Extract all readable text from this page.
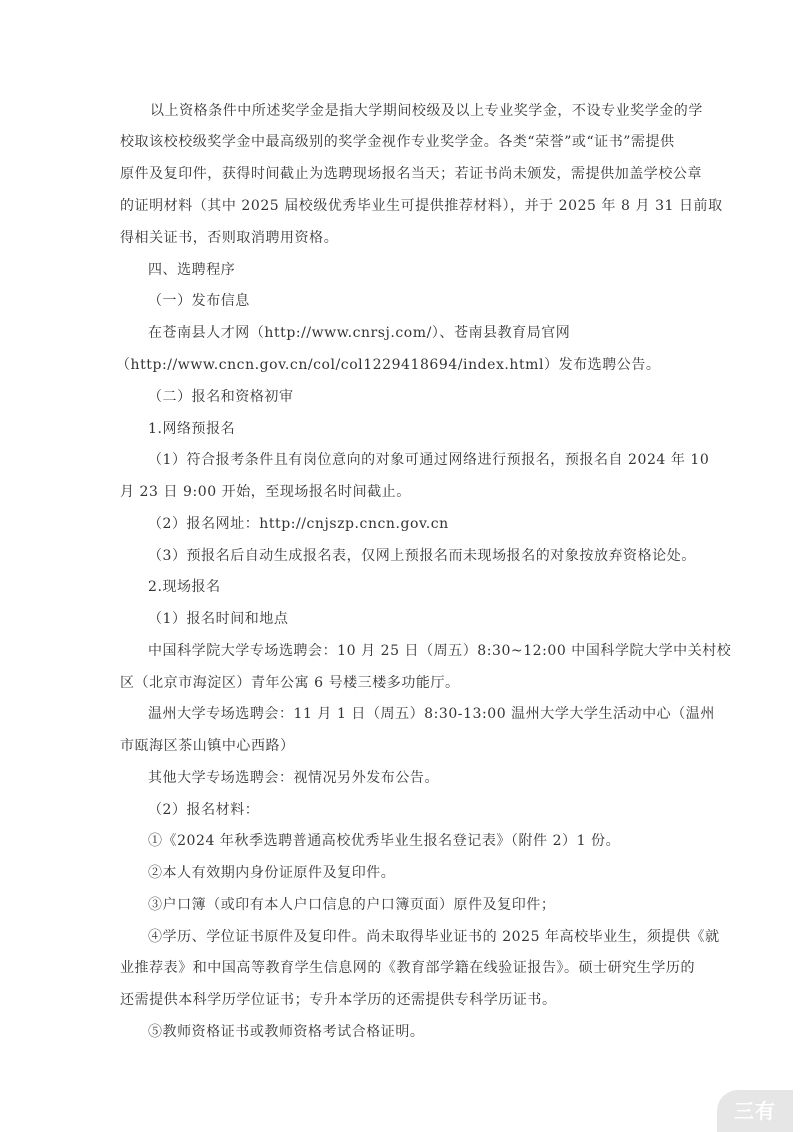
以上资格条件中所述奖学金是指大学期间校级及以上专业奖学金，不设专业奖学金的学
校取该校校级奖学金中最高级别的奖学金视作专业奖学金。各类“荣誉”或“证书”需提供
原件及复印件，获得时间截止为选聘现场报名当天；若证书尚未颁发，需提供加盖学校公章
的证明材料（其中 2025 届校级优秀毕业生可提供推荐材料），并于 2025 年 8 月 31 日前取
得相关证书，否则取消聘用资格。
四、选聘程序
（一）发布信息
在苍南县人才网（http://www.cnrsj.com/）、苍南县教育局官网
（http://www.cncn.gov.cn/col/col1229418694/index.html）发布选聘公告。
（二）报名和资格初审
1.网络预报名
（1）符合报考条件且有岗位意向的对象可通过网络进行预报名，预报名自 2024 年 10
月 23 日 9:00 开始，至现场报名时间截止。
（2）报名网址：http://cnjszp.cncn.gov.cn
（3）预报名后自动生成报名表，仅网上预报名而未现场报名的对象按放弃资格论处。
2.现场报名
（1）报名时间和地点
中国科学院大学专场选聘会：10 月 25 日（周五）8:30~12:00 中国科学院大学中关村校
区（北京市海淀区）青年公寓 6 号楼三楼多功能厅。
温州大学专场选聘会：11 月 1 日（周五）8:30-13:00 温州大学大学生活动中心（温州
市瓯海区茶山镇中心西路）
其他大学专场选聘会：视情况另外发布公告。
（2）报名材料：
①《2024 年秋季选聘普通高校优秀毕业生报名登记表》（附件 2）1 份。
②本人有效期内身份证原件及复印件。
③户口簿（或印有本人户口信息的户口簿页面）原件及复印件；
④学历、学位证书原件及复印件。尚未取得毕业证书的 2025 年高校毕业生，须提供《就
业推荐表》和中国高等教育学生信息网的《教育部学籍在线验证报告》。硕士研究生学历的
还需提供本科学历学位证书；专升本学历的还需提供专科学历证书。
⑤教师资格证书或教师资格考试合格证明。
三有
